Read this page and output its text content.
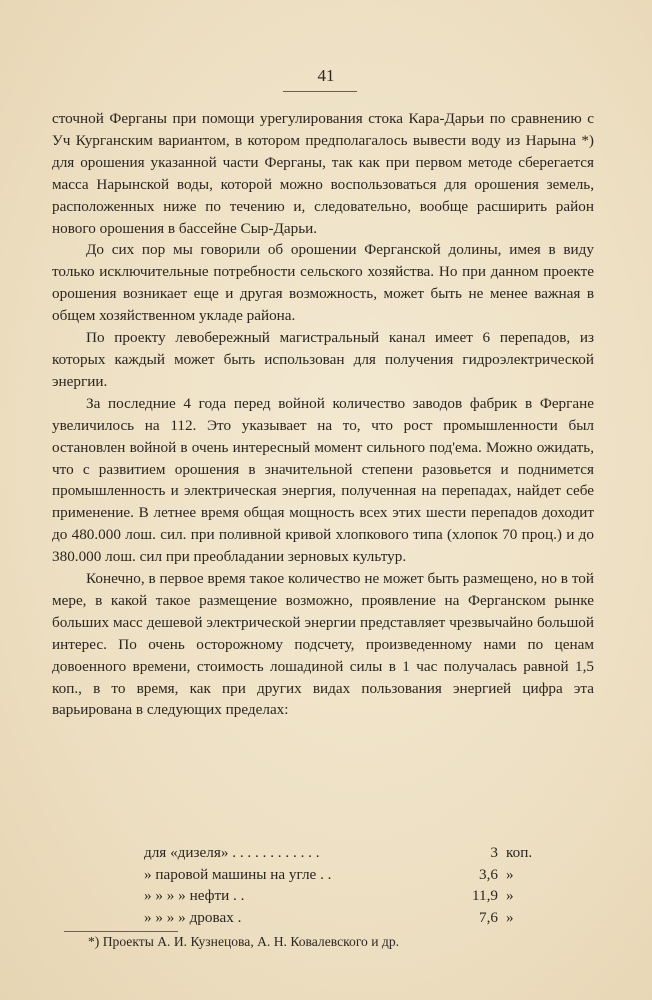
41

сточной Ферганы при помощи урегулирования стока Кара-Дарьи по сравнению с Уч Курганским вариантом, в котором предполагалось вывести воду из Нарына *) для орошения указанной части Ферганы, так как при первом методе сберегается масса Нарынской воды, которой можно воспользоваться для орошения земель, расположенных ниже по течению и, следовательно, вообще расширить район нового орошения в бассейне Сыр-Дарьи.

До сих пор мы говорили об орошении Ферганской долины, имея в виду только исключительные потребности сельского хозяйства. Но при данном проекте орошения возникает еще и другая возможность, может быть не менее важная в общем хозяйственном укладе района.

По проекту левобережный магистральный канал имеет 6 перепадов, из которых каждый может быть использован для получения гидроэлектрической энергии.

За последние 4 года перед войной количество заводов фабрик в Фергане увеличилось на 112. Это указывает на то, что рост промышленности был остановлен войной в очень интересный момент сильного под'ема. Можно ожидать, что с развитием орошения в значительной степени разовьется и поднимется промышленность и электрическая энергия, полученная на перепадах, найдет себе применение. В летнее время общая мощность всех этих шести перепадов доходит до 480.000 лош. сил. при поливной кривой хлопкового типа (хлопок 70 проц.) и до 380.000 лош. сил при преобладании зерновых культур.

Конечно, в первое время такое количество не может быть размещено, но в той мере, в какой такое размещение возможно, проявление на Ферганском рынке больших масс дешевой электрической энергии представляет чрезвычайно большой интерес. По очень осторожному подсчету, произведенному нами по ценам довоенного времени, стоимость лошадиной силы в 1 час получалась равной 1,5 коп., в то время, как при других видах пользования энергией цифра эта варьирована в следующих пределах:

для «дизеля» . . . . . . . . . . . .	3	коп.
» паровой машины на угле . .	3,6	»
» » » » нефти . .	11,9	»
» » » » дровах .	7,6	»
*) Проекты А. И. Кузнецова, А. Н. Ковалевского и др.
